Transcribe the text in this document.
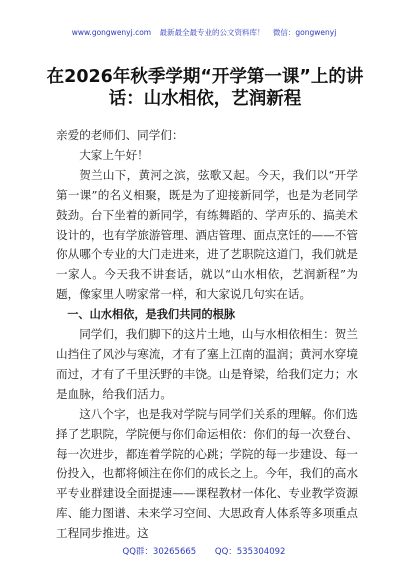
www.gongwenyj.com 最新最全最专业的公文资料库！ 微信：gongwenyj
在2026年秋季学期“开学第一课”上的讲话：山水相依，艺润新程

亲爱的老师们、同学们：

大家上午好！

贺兰山下，黄河之滨，弦歌又起。今天，我们以“开学第一课”的名义相聚，既是为了迎接新同学，也是为老同学鼓劲。台下坐着的新同学，有练舞蹈的、学声乐的、搞美术设计的，也有学旅游管理、酒店管理、面点烹饪的——不管你从哪个专业的大门走进来，进了艺职院这道门，我们就是一家人。今天我不讲套话，就以“山水相依，艺润新程”为题，像家里人唠家常一样，和大家说几句实在话。

一、山水相依，是我们共同的根脉

同学们，我们脚下的这片土地，山与水相依相生：贺兰山挡住了风沙与寒流，才有了塞上江南的温润；黄河水穿境而过，才有了千里沃野的丰饶。山是脊梁，给我们定力；水是血脉，给我们活力。

这八个字，也是我对学院与同学们关系的理解。你们选择了艺职院，学院便与你们命运相依：你们的每一次登台、每一次进步，都连着学院的心跳；学院的每一步建设、每一份投入，也都将倾注在你们的成长之上。今年，我们的高水平专业群建设全面提速——课程教材一体化、专业教学资源库、能力图谱、未来学习空间、大思政育人体系等多项重点工程同步推进。这

QQ群：30265665 QQ：535304092
